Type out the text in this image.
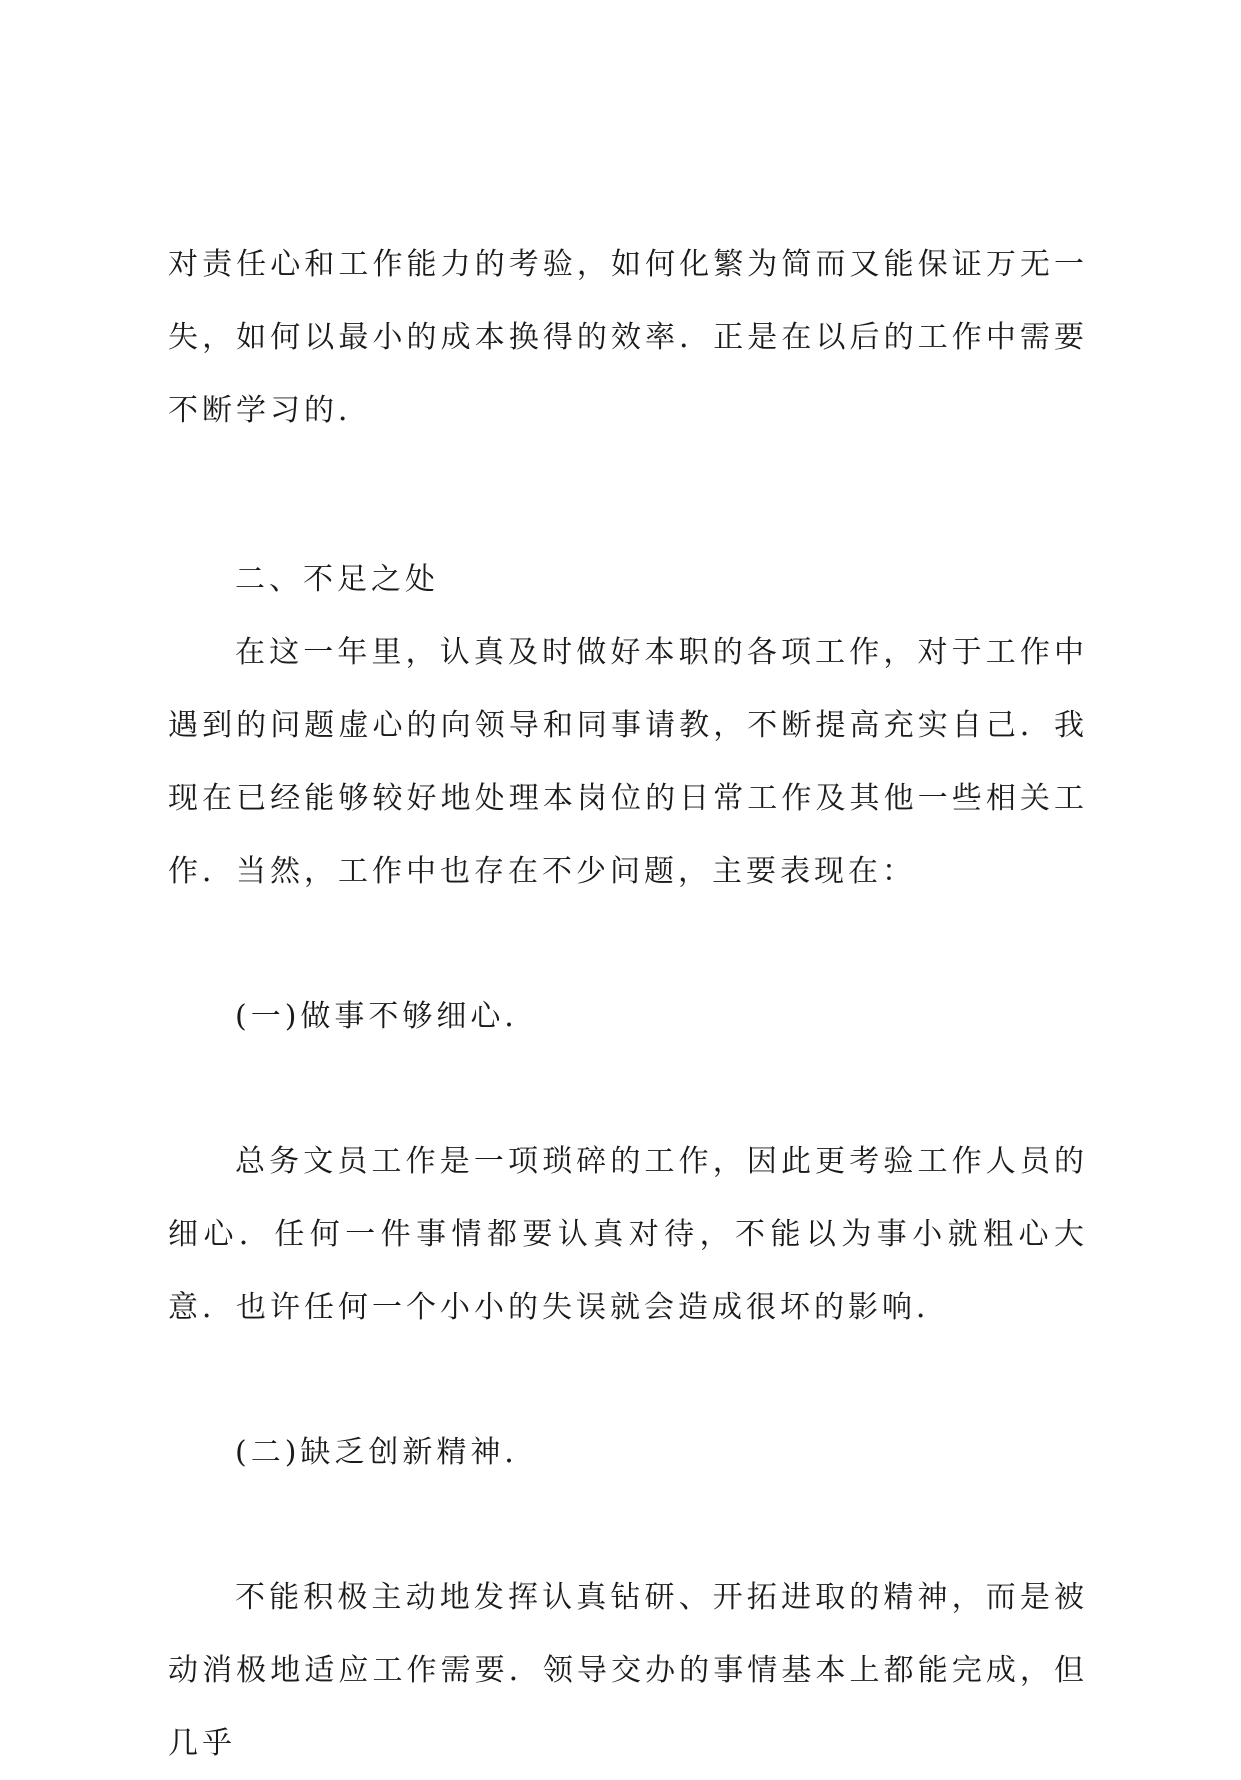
对责任心和工作能力的考验，如何化繁为简而又能保证万无一失，如何以最小的成本换得的效率．正是在以后的工作中需要不断学习的．

二、不足之处

在这一年里，认真及时做好本职的各项工作，对于工作中遇到的问题虚心的向领导和同事请教，不断提高充实自己．我现在已经能够较好地处理本岗位的日常工作及其他一些相关工作．当然，工作中也存在不少问题，主要表现在：

(一)做事不够细心．

总务文员工作是一项琐碎的工作，因此更考验工作人员的细心．任何一件事情都要认真对待，不能以为事小就粗心大意．也许任何一个小小的失误就会造成很坏的影响．

(二)缺乏创新精神．

不能积极主动地发挥认真钻研、开拓进取的精神，而是被动消极地适应工作需要．领导交办的事情基本上都能完成，但几乎
